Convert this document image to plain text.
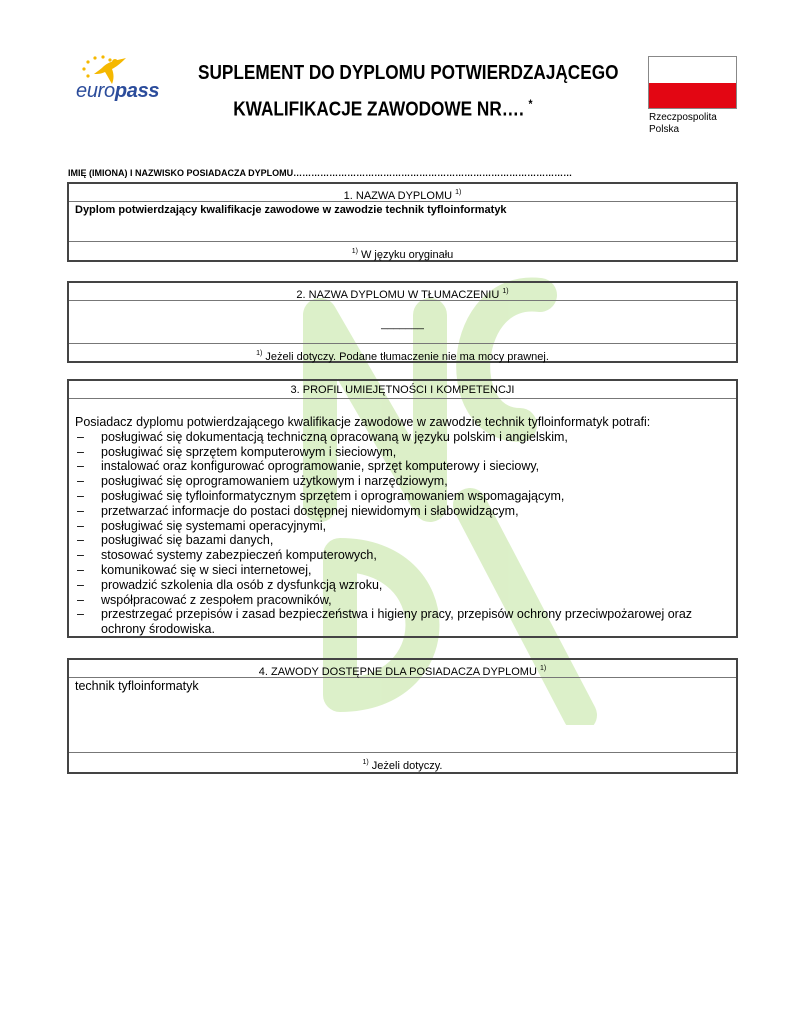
europass
SUPLEMENT DO DYPLOMU POTWIERDZAJĄCEGO
KWALIFIKACJE ZAWODOWE NR…. *
Rzeczpospolita
Polska
IMIĘ (IMIONA) I NAZWISKO POSIADACZA DYPLOMU…………………………………………………………………………………
1. NAZWA DYPLOMU $^{1)}$
Dyplom potwierdzający kwalifikacje zawodowe w zawodzie technik tyfloinformatyk
$^{1)}$ W języku oryginału
2. NAZWA DYPLOMU W TŁUMACZENIU $^{1)}$
_______
$^{1)}$ Jeżeli dotyczy. Podane tłumaczenie nie ma mocy prawnej.
3. PROFIL UMIEJĘTNOŚCI I KOMPETENCJI
Posiadacz dyplomu potwierdzającego kwalifikacje zawodowe w zawodzie technik tyfloinformatyk potrafi:
– posługiwać się dokumentacją techniczną opracowaną w języku polskim i angielskim,
– posługiwać się sprzętem komputerowym i sieciowym,
– instalować oraz konfigurować oprogramowanie, sprzęt komputerowy i sieciowy,
– posługiwać się oprogramowaniem użytkowym i narzędziowym,
– posługiwać się tyfloinformatycznym sprzętem i oprogramowaniem wspomagającym,
– przetwarzać informacje do postaci dostępnej niewidomym i słabowidzącym,
– posługiwać się systemami operacyjnymi,
– posługiwać się bazami danych,
– stosować systemy zabezpieczeń komputerowych,
– komunikować się w sieci internetowej,
– prowadzić szkolenia dla osób z dysfunkcją wzroku,
– współpracować z zespołem pracowników,
– przestrzegać przepisów i zasad bezpieczeństwa i higieny pracy, przepisów ochrony przeciwpożarowej oraz ochrony środowiska.
4. ZAWODY DOSTĘPNE DLA POSIADACZA DYPLOMU $^{1)}$
technik tyfloinformatyk
$^{1)}$ Jeżeli dotyczy.
